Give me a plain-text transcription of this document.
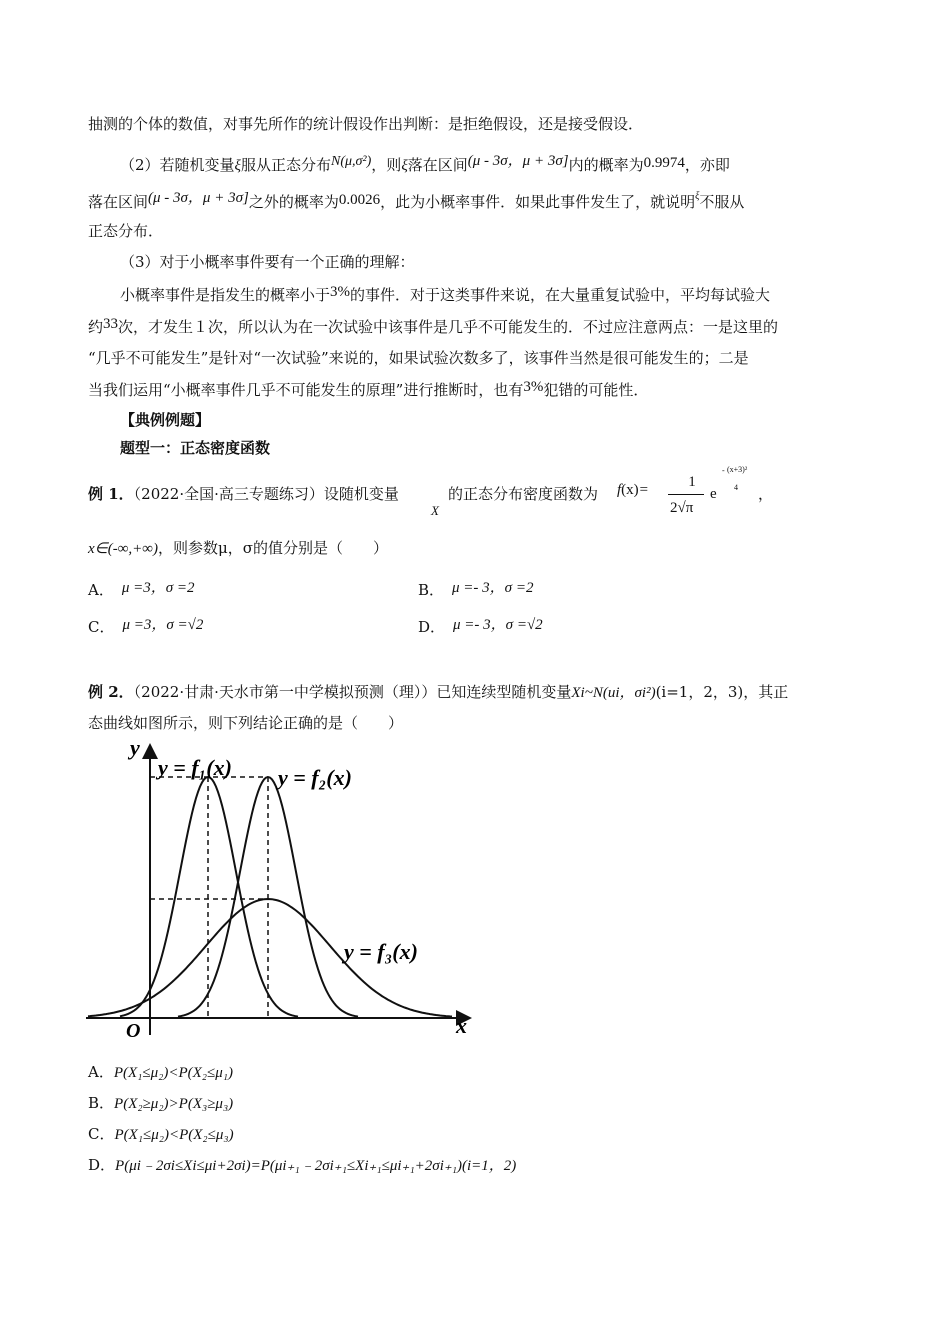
抽测的个体的数值，对事先所作的统计假设作出判断：是拒绝假设，还是接受假设．
（2）若随机变量ξ服从正态分布N(μ,σ²)，则ξ落在区间(μ - 3σ，μ + 3σ]内的概率为0.9974，亦即
落在区间(μ - 3σ，μ + 3σ]之外的概率为0.0026，此为小概率事件．如果此事件发生了，就说明$^\xi$不服从
正态分布．
（3）对于小概率事件要有一个正确的理解：
小概率事件是指发生的概率小于3%的事件．对于这类事件来说，在大量重复试验中，平均每试验大
约33次，才发生１次，所以认为在一次试验中该事件是几乎不可能发生的．不过应注意两点：一是这里的
“几乎不可能发生”是针对“一次试验”来说的，如果试验次数多了，该事件当然是很可能发生的；二是
当我们运用“小概率事件几乎不可能发生的原理”进行推断时，也有3%犯错的可能性．
【典例例题】
题型一：正态密度函数
例 1．（2022·全国·高三专题练习）设随机变量
X
的正态分布密度函数为 f(x)=	1
2√π
e
- (x+3)²
4 ，
x∈(-∞,+∞)，则参数μ，σ的值分别是（　　）
A． μ =3，σ =2	B． μ =- 3，σ =2
C． μ =3，σ =√2	D． μ =- 3，σ =√2
例 2．（2022·甘肃·天水市第一中学模拟预测（理））已知连续型随机变量Xi~N(ui，σi²)(i=1，2，3)，其正
态曲线如图所示，则下列结论正确的是（　　）
y
x
O
y = f₁(x) y = f₂(x)
y = f₃(x)
A．P(X₁≤μ₂)<P(X₂≤μ₁)
B．P(X₂≥μ₂)>P(X₃≥μ₃)
C．P(X₁≤μ₂)<P(X₂≤μ₃)
D．P(μi﹣2σi≤Xi≤μi+2σi)=P(μi₊₁﹣2σi₊₁≤Xi₊₁≤μi₊₁+2σi₊₁)(i=1，2)
